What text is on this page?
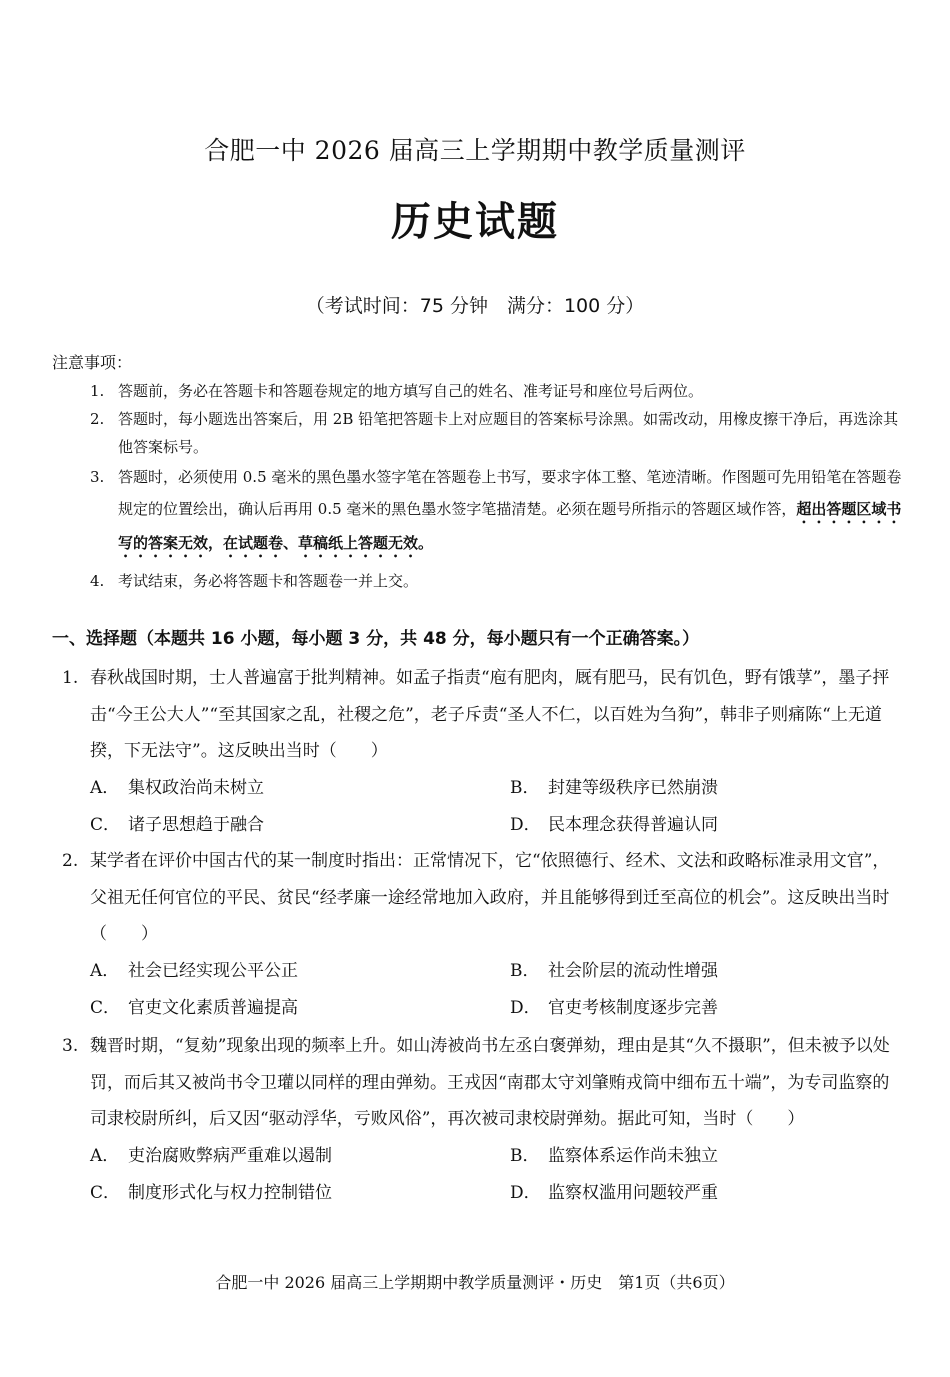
合肥一中 2026 届高三上学期期中教学质量测评
历史试题
（考试时间：75 分钟　满分：100 分）
注意事项：
1. 答题前，务必在答题卡和答题卷规定的地方填写自己的姓名、准考证号和座位号后两位。
2. 答题时，每小题选出答案后，用 2B 铅笔把答题卡上对应题目的答案标号涂黑。如需改动，用橡皮擦干净后，再选涂其他答案标号。
3. 答题时，必须使用 0.5 毫米的黑色墨水签字笔在答题卷上书写，要求字体工整、笔迹清晰。作图题可先用铅笔在答题卷规定的位置绘出，确认后再用 0.5 毫米的黑色墨水签字笔描清楚。必须在题号所指示的答题区域作答，超出答题区域书写的答案无效，在试题卷、草稿纸上答题无效。
4. 考试结束，务必将答题卡和答题卷一并上交。
一、选择题（本题共 16 小题，每小题 3 分，共 48 分，每小题只有一个正确答案。）
1. 春秋战国时期，士人普遍富于批判精神。如孟子指责“庖有肥肉，厩有肥马，民有饥色，野有饿莩”，墨子抨击“今王公大人”“至其国家之乱，社稷之危”，老子斥责“圣人不仁，以百姓为刍狗”，韩非子则痛陈“上无道揆，下无法守”。这反映出当时（　　）
A． 集权政治尚未树立	B． 封建等级秩序已然崩溃
C． 诸子思想趋于融合	D． 民本理念获得普遍认同
2. 某学者在评价中国古代的某一制度时指出：正常情况下，它“依照德行、经术、文法和政略标准录用文官”，父祖无任何官位的平民、贫民“经孝廉一途经常地加入政府，并且能够得到迁至高位的机会”。这反映出当时（　　）
A． 社会已经实现公平公正	B． 社会阶层的流动性增强
C． 官吏文化素质普遍提高	D． 官吏考核制度逐步完善
3. 魏晋时期，“复劾”现象出现的频率上升。如山涛被尚书左丞白褒弹劾，理由是其“久不摄职”，但未被予以处罚，而后其又被尚书令卫瓘以同样的理由弹劾。王戎因“南郡太守刘肇贿戎筒中细布五十端”，为专司监察的司隶校尉所纠，后又因“驱动浮华，亏败风俗”，再次被司隶校尉弹劾。据此可知，当时（　　）
A． 吏治腐败弊病严重难以遏制	B． 监察体系运作尚未独立
C． 制度形式化与权力控制错位	D． 监察权滥用问题较严重
合肥一中 2026 届高三上学期期中教学质量测评・历史　第1页（共6页）
